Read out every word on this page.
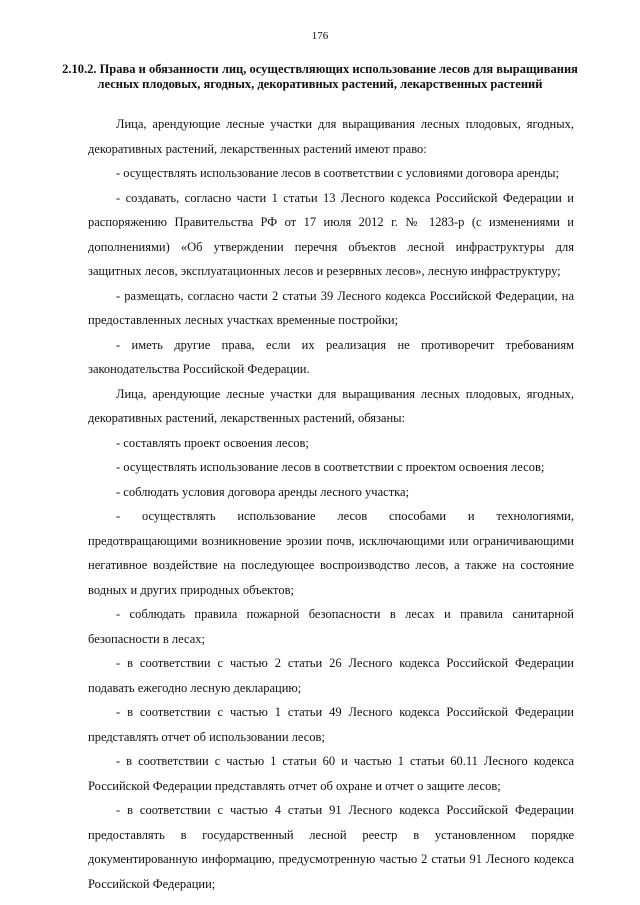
176
2.10.2. Права и обязанности лиц, осуществляющих использование лесов для выращивания лесных плодовых, ягодных, декоративных растений, лекарственных растений

Лица, арендующие лесные участки для выращивания лесных плодовых, ягодных, декоративных растений, лекарственных растений имеют право:

- осуществлять использование лесов в соответствии с условиями договора аренды;

- создавать, согласно части 1 статьи 13 Лесного кодекса Российской Федерации и распоряжению Правительства РФ от 17 июля 2012 г. № 1283-р (с изменениями и дополнениями) «Об утверждении перечня объектов лесной инфраструктуры для защитных лесов, эксплуатационных лесов и резервных лесов», лесную инфраструктуру;

- размещать, согласно части 2 статьи 39 Лесного кодекса Российской Федерации, на предоставленных лесных участках временные постройки;

- иметь другие права, если их реализация не противоречит требованиям законодательства Российской Федерации.

Лица, арендующие лесные участки для выращивания лесных плодовых, ягодных, декоративных растений, лекарственных растений, обязаны:

- составлять проект освоения лесов;

- осуществлять использование лесов в соответствии с проектом освоения лесов;

- соблюдать условия договора аренды лесного участка;

- осуществлять использование лесов способами и технологиями, предотвращающими возникновение эрозии почв, исключающими или ограничивающими негативное воздействие на последующее воспроизводство лесов, а также на состояние водных и других природных объектов;

- соблюдать правила пожарной безопасности в лесах и правила санитарной безопасности в лесах;

- в соответствии с частью 2 статьи 26 Лесного кодекса Российской Федерации подавать ежегодно лесную декларацию;

- в соответствии с частью 1 статьи 49 Лесного кодекса Российской Федерации представлять отчет об использовании лесов;

- в соответствии с частью 1 статьи 60 и частью 1 статьи 60.11 Лесного кодекса Российской Федерации представлять отчет об охране и отчет о защите лесов;

- в соответствии с частью 4 статьи 91 Лесного кодекса Российской Федерации предоставлять в государственный лесной реестр в установленном порядке документированную информацию, предусмотренную частью 2 статьи 91 Лесного кодекса Российской Федерации;
